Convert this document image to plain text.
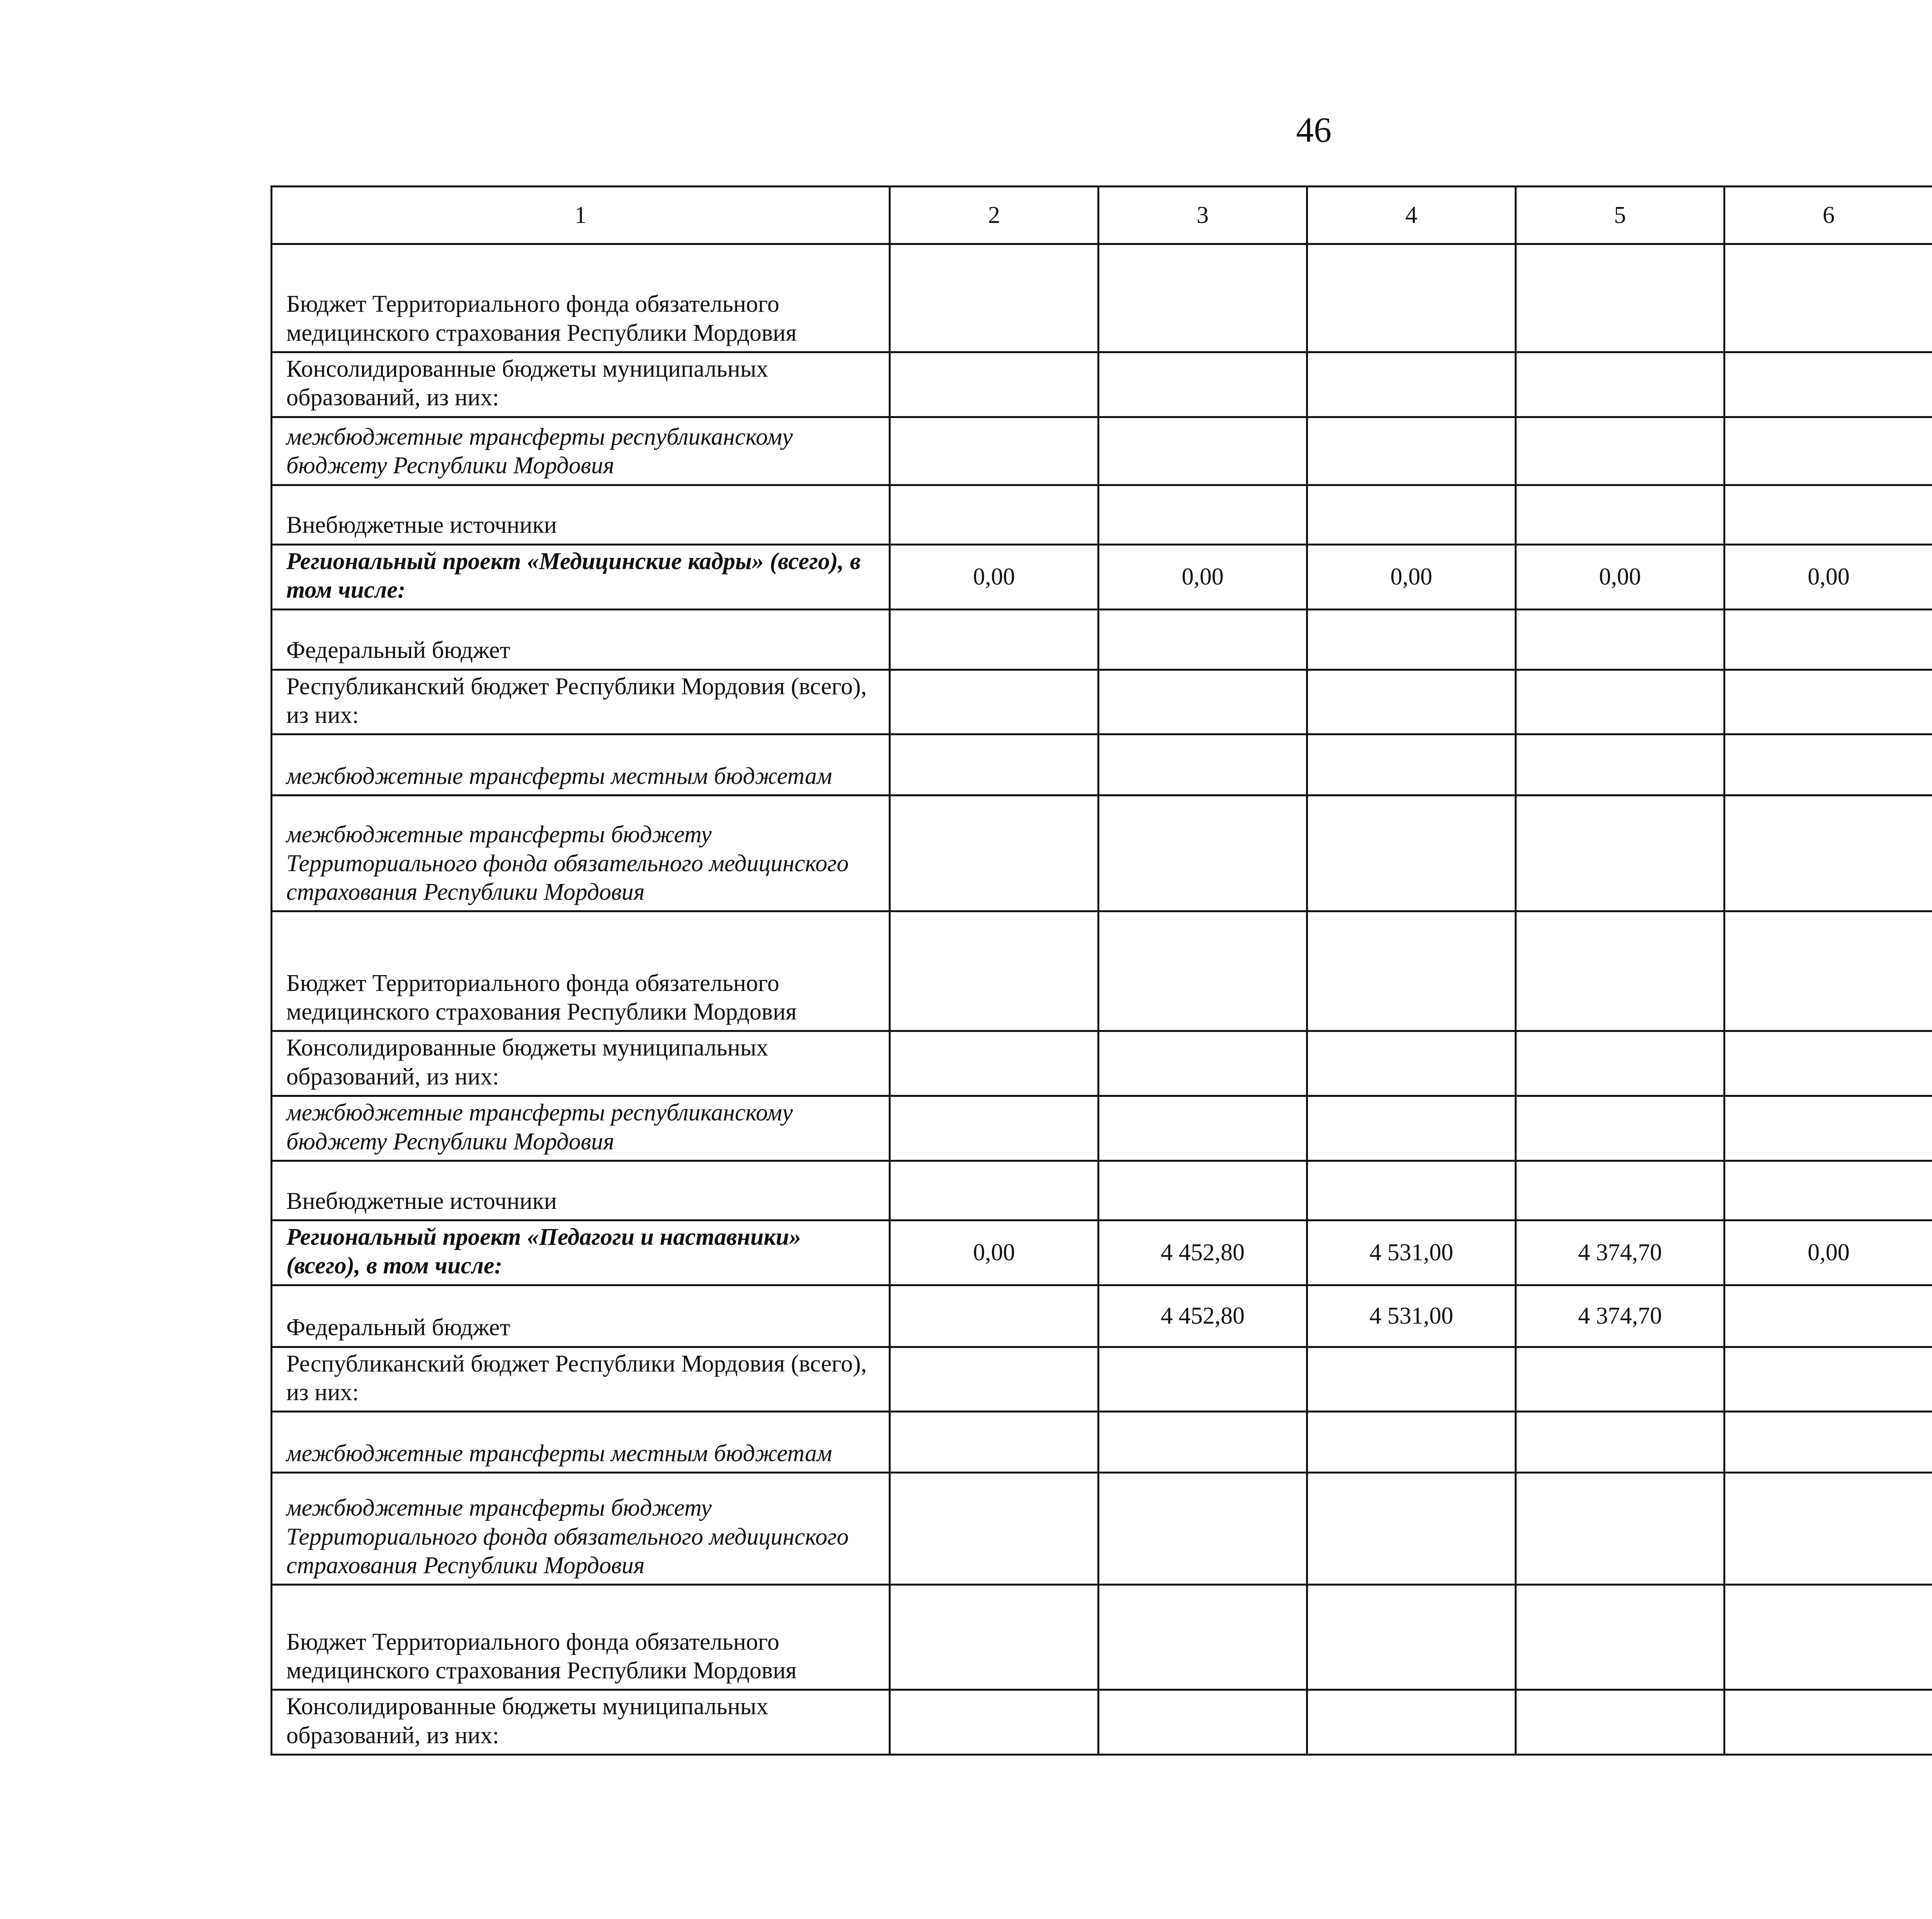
46
1	2	3	4	5	6			
Бюджет Территориального фонда обязательного медицинского страхования Республики Мордовия								
Консолидированные бюджеты муниципальных образований, из них:								
межбюджетные трансферты республиканскому бюджету Республики Мордовия								
Внебюджетные источники								
Региональный проект «Медицинские кадры» (всего), в том числе:	0,00	0,00	0,00	0,00	0,00			
Федеральный бюджет								
Республиканский бюджет Республики Мордовия (всего), из них:								
межбюджетные трансферты местным бюджетам								
межбюджетные трансферты бюджету Территориального фонда обязательного медицинского страхования Республики Мордовия								
Бюджет Территориального фонда обязательного медицинского страхования Республики Мордовия								
Консолидированные бюджеты муниципальных образований, из них:								
межбюджетные трансферты республиканскому бюджету Республики Мордовия								
Внебюджетные источники								
Региональный проект «Педагоги и наставники» (всего), в том числе:	0,00	4 452,80	4 531,00	4 374,70	0,00			
Федеральный бюджет		4 452,80	4 531,00	4 374,70				
Республиканский бюджет Республики Мордовия (всего), из них:								
межбюджетные трансферты местным бюджетам								
межбюджетные трансферты бюджету Территориального фонда обязательного медицинского страхования Республики Мордовия								
Бюджет Территориального фонда обязательного медицинского страхования Республики Мордовия								
Консолидированные бюджеты муниципальных образований, из них:								
